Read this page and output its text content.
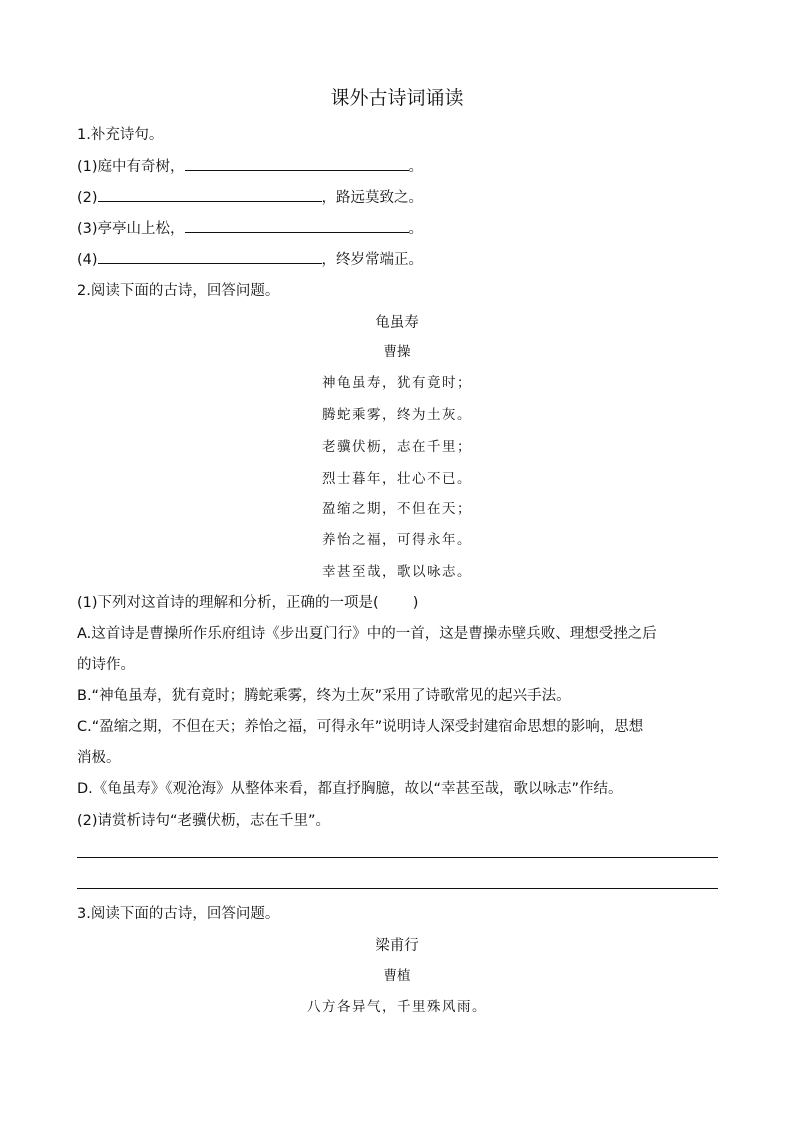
课外古诗词诵读
1.补充诗句。
(1)庭中有奇树，	。
(2)	，路远莫致之。
(3)亭亭山上松，	。
(4)	，终岁常端正。
2.阅读下面的古诗，回答问题。
龟虽寿
曹操
神龟虽寿，犹有竟时；
腾蛇乘雾，终为土灰。
老骥伏枥，志在千里；
烈士暮年，壮心不已。
盈缩之期，不但在天；
养怡之福，可得永年。
幸甚至哉，歌以咏志。
(1)下列对这首诗的理解和分析，正确的一项是( )
A.这首诗是曹操所作乐府组诗《步出夏门行》中的一首，这是曹操赤壁兵败、理想受挫之后
的诗作。
B.“神龟虽寿，犹有竟时；腾蛇乘雾，终为土灰”采用了诗歌常见的起兴手法。
C.“盈缩之期，不但在天；养怡之福，可得永年”说明诗人深受封建宿命思想的影响，思想
消极。
D.《龟虽寿》《观沧海》从整体来看，都直抒胸臆，故以“幸甚至哉，歌以咏志”作结。
(2)请赏析诗句“老骥伏枥，志在千里”。
3.阅读下面的古诗，回答问题。
梁甫行
曹植
八方各异气，千里殊风雨。
